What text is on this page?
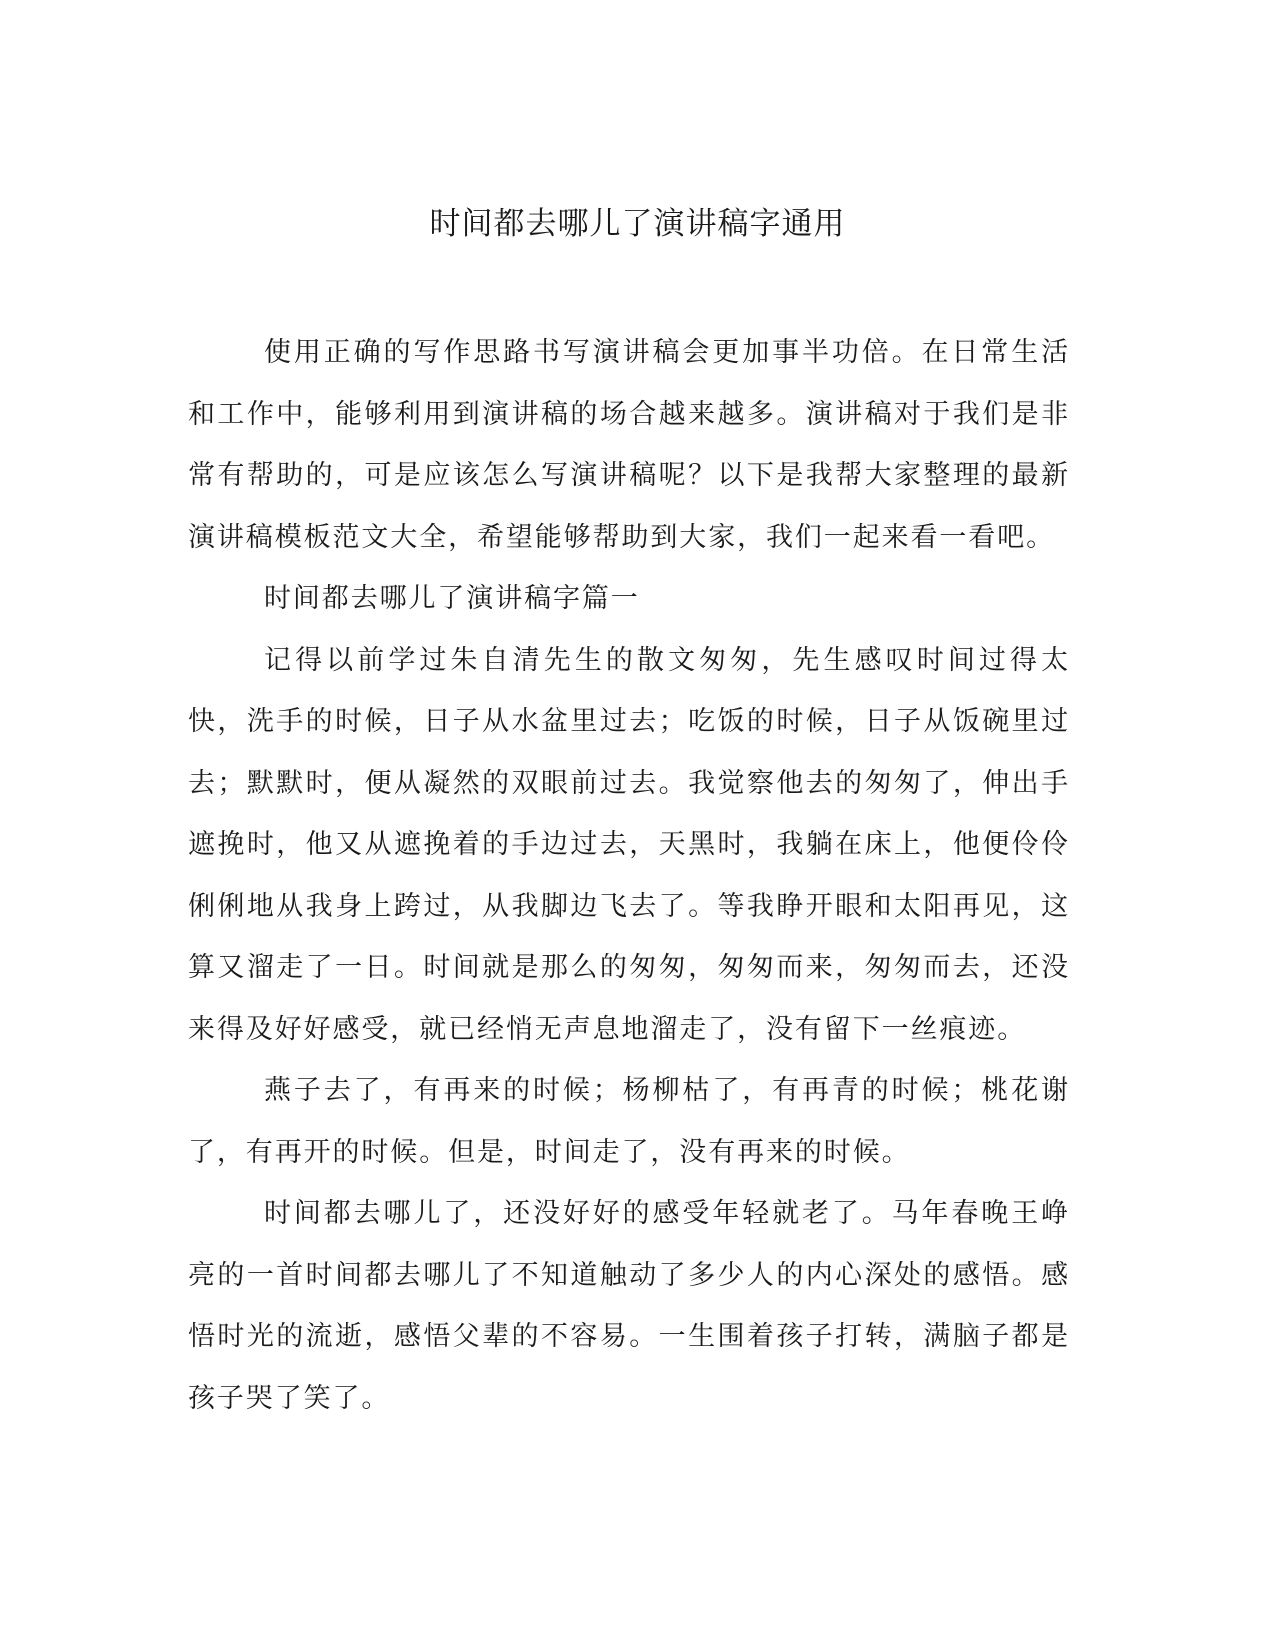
时间都去哪儿了演讲稿字通用

使用正确的写作思路书写演讲稿会更加事半功倍。在日常生活和工作中，能够利用到演讲稿的场合越来越多。演讲稿对于我们是非常有帮助的，可是应该怎么写演讲稿呢？以下是我帮大家整理的最新演讲稿模板范文大全，希望能够帮助到大家，我们一起来看一看吧。

时间都去哪儿了演讲稿字篇一

记得以前学过朱自清先生的散文匆匆，先生感叹时间过得太快，洗手的时候，日子从水盆里过去；吃饭的时候，日子从饭碗里过去；默默时，便从凝然的双眼前过去。我觉察他去的匆匆了，伸出手遮挽时，他又从遮挽着的手边过去，天黑时，我躺在床上，他便伶伶俐俐地从我身上跨过，从我脚边飞去了。等我睁开眼和太阳再见，这算又溜走了一日。时间就是那么的匆匆，匆匆而来，匆匆而去，还没来得及好好感受，就已经悄无声息地溜走了，没有留下一丝痕迹。

燕子去了，有再来的时候；杨柳枯了，有再青的时候；桃花谢了，有再开的时候。但是，时间走了，没有再来的时候。

时间都去哪儿了，还没好好的感受年轻就老了。马年春晚王峥亮的一首时间都去哪儿了不知道触动了多少人的内心深处的感悟。感悟时光的流逝，感悟父辈的不容易。一生围着孩子打转，满脑子都是孩子哭了笑了。
